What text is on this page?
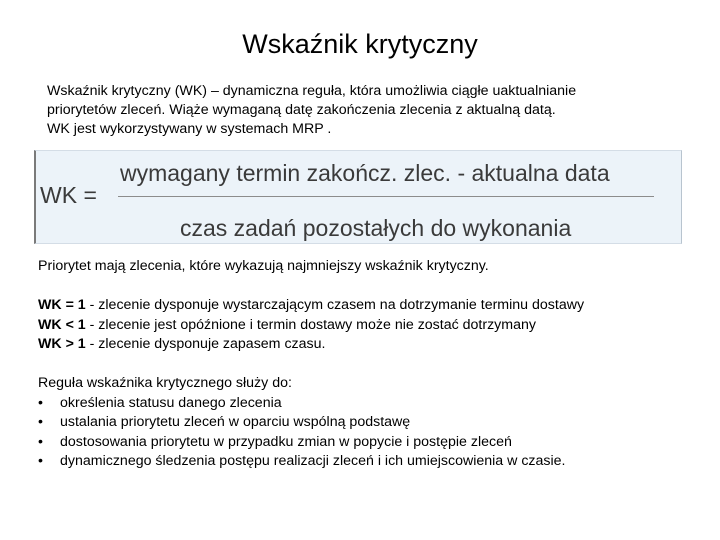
Wskaźnik krytyczny
Wskaźnik krytyczny (WK) – dynamiczna reguła, która umożliwia ciągłe uaktualnianie
priorytetów zleceń. Wiąże wymaganą datę zakończenia zlecenia z aktualną datą.
WK jest wykorzystywany w systemach MRP .
WK =
wymagany termin zakończ. zlec. - aktualna data
czas zadań pozostałych do wykonania
Priorytet mają zlecenia, które wykazują najmniejszy wskaźnik krytyczny.
WK = 1 - zlecenie dysponuje wystarczającym czasem na dotrzymanie terminu dostawy
WK < 1 - zlecenie jest opóźnione i termin dostawy może nie zostać dotrzymany
WK > 1 - zlecenie dysponuje zapasem czasu.
Reguła wskaźnika krytycznego służy do:
• określenia statusu danego zlecenia
• ustalania priorytetu zleceń w oparciu wspólną podstawę
• dostosowania priorytetu w przypadku zmian w popycie i postępie zleceń
• dynamicznego śledzenia postępu realizacji zleceń i ich umiejscowienia w czasie.
